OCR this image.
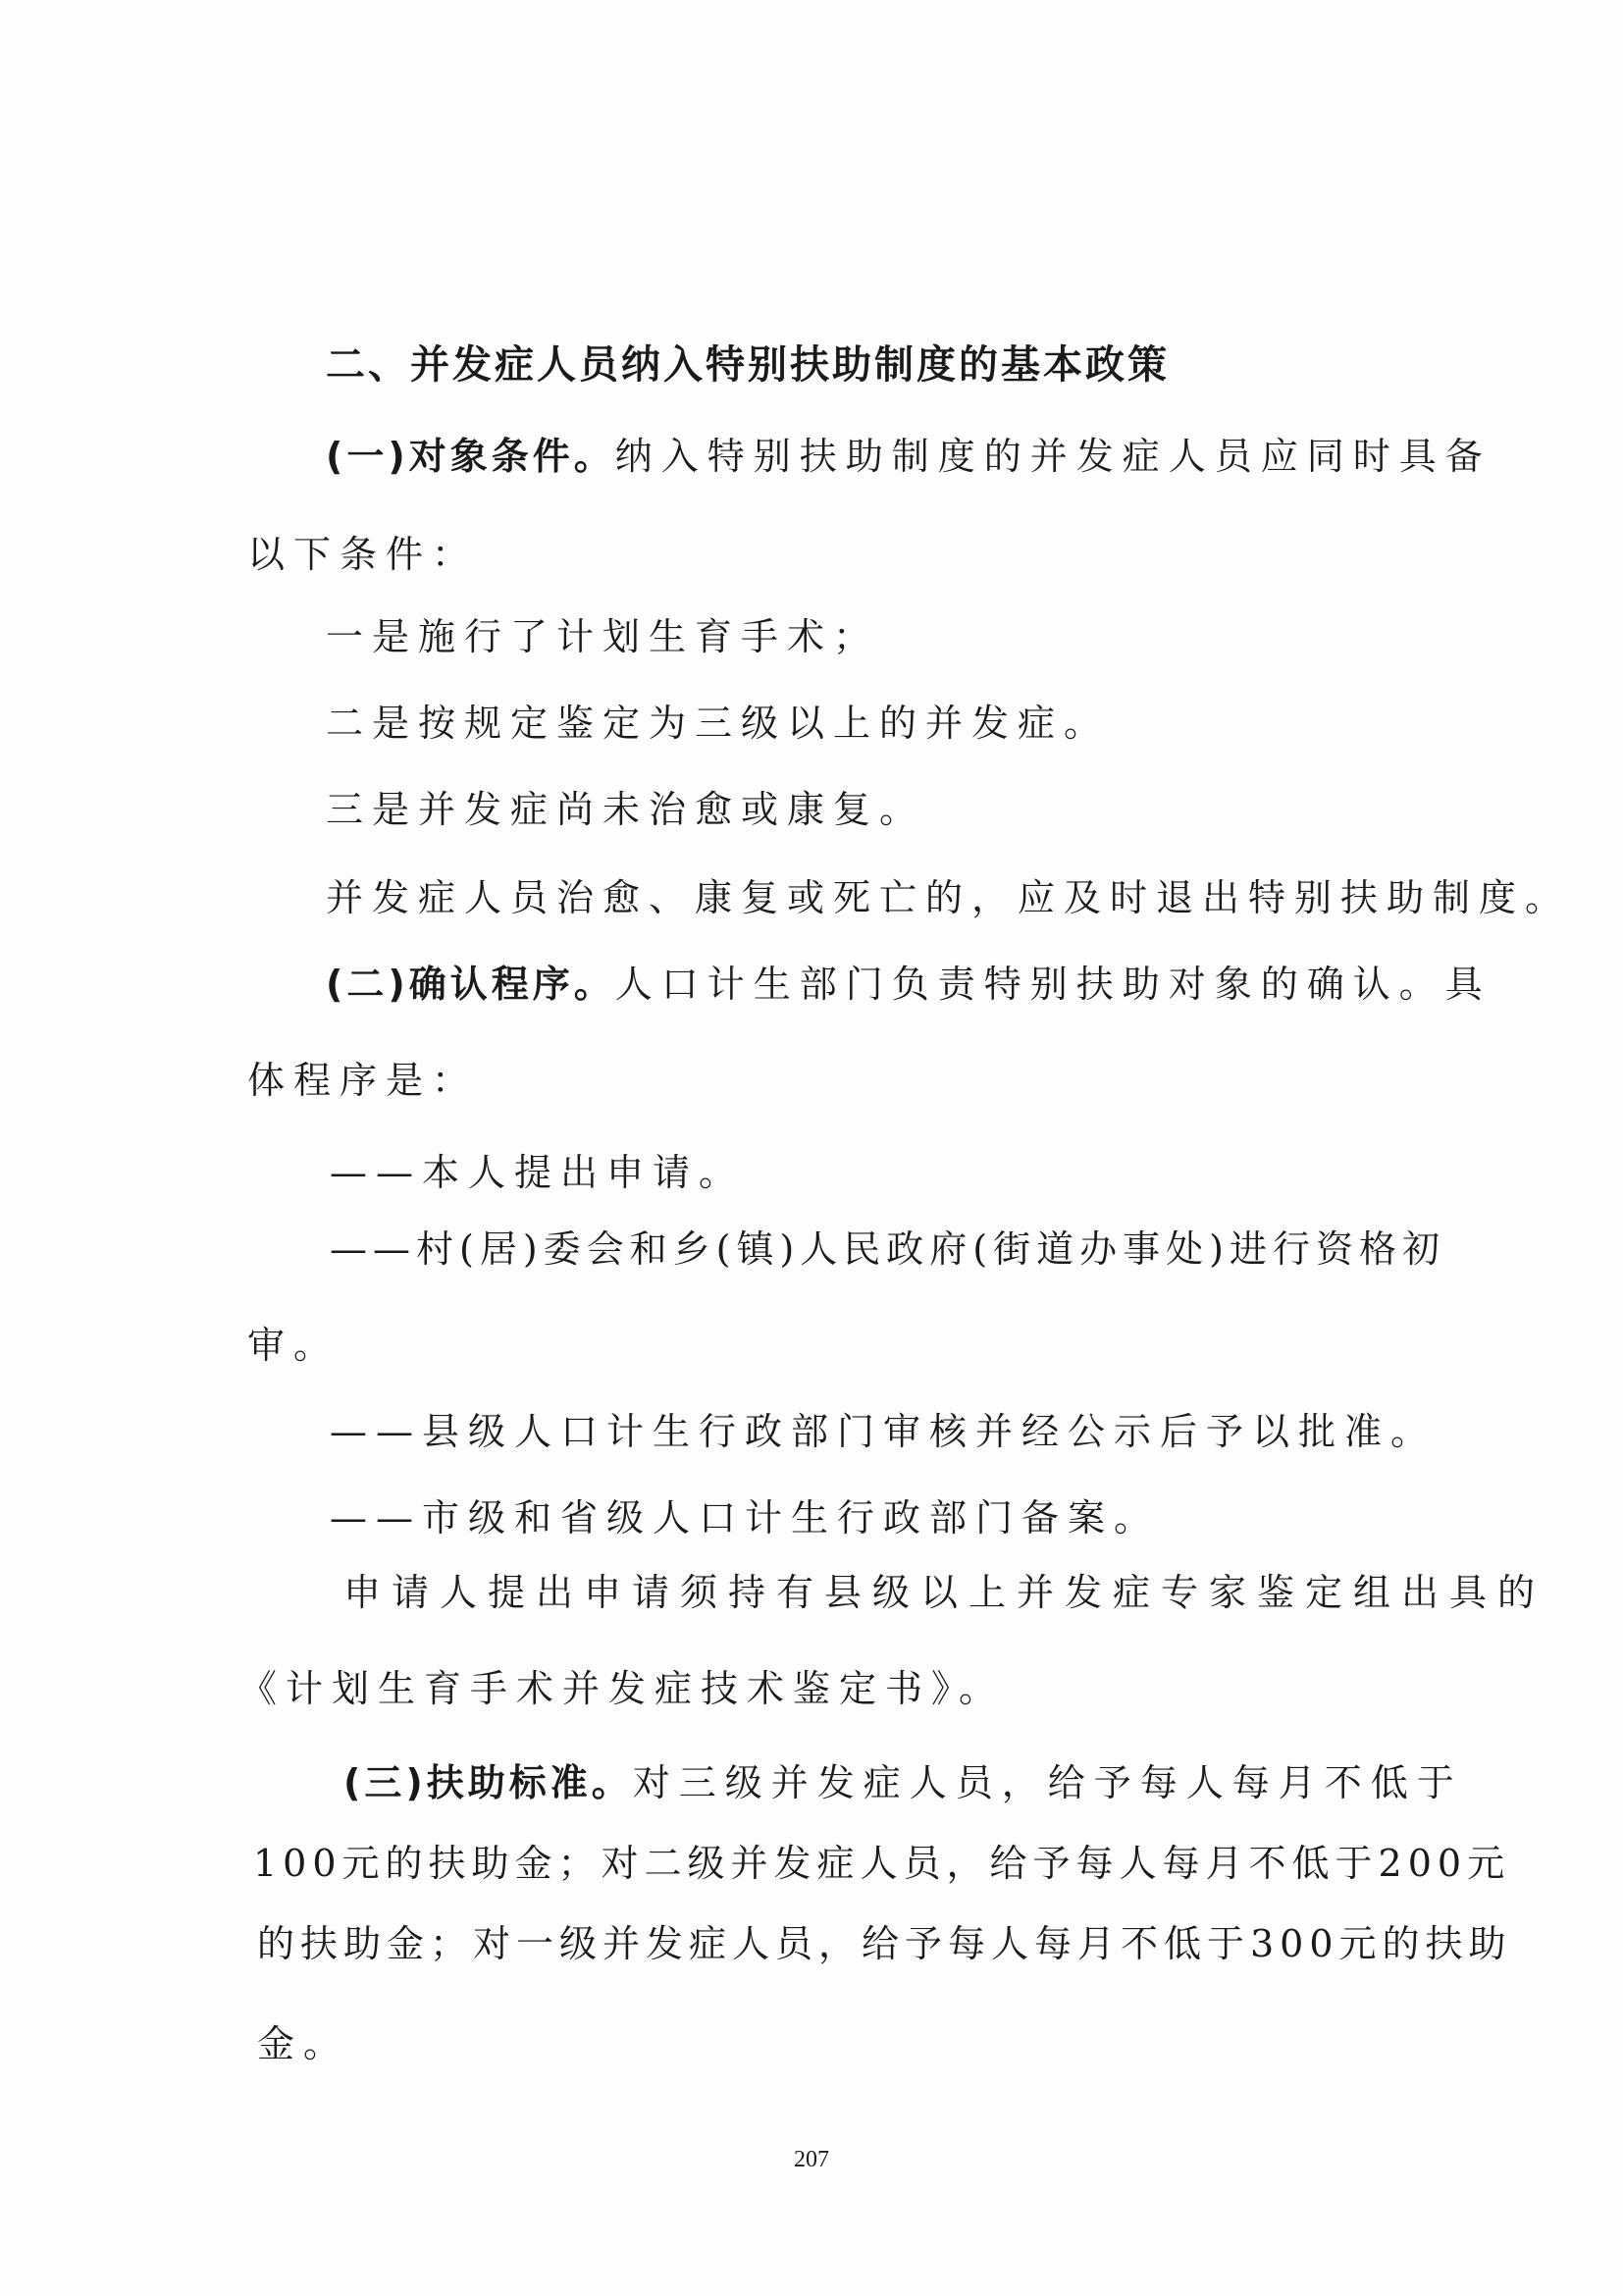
二、并发症人员纳入特别扶助制度的基本政策
(一)对象条件。纳入特别扶助制度的并发症人员应同时具备
以下条件：
一是施行了计划生育手术；
二是按规定鉴定为三级以上的并发症。
三是并发症尚未治愈或康复。
并发症人员治愈、康复或死亡的，应及时退出特别扶助制度。
(二)确认程序。人口计生部门负责特别扶助对象的确认。具
体程序是：
——本人提出申请。
——村(居)委会和乡(镇)人民政府(街道办事处)进行资格初
审。
——县级人口计生行政部门审核并经公示后予以批准。
——市级和省级人口计生行政部门备案。
申请人提出申请须持有县级以上并发症专家鉴定组出具的
《计划生育手术并发症技术鉴定书》。
(三)扶助标准。对三级并发症人员，给予每人每月不低于
100元的扶助金；对二级并发症人员，给予每人每月不低于200元
的扶助金；对一级并发症人员，给予每人每月不低于300元的扶助
金。
207
